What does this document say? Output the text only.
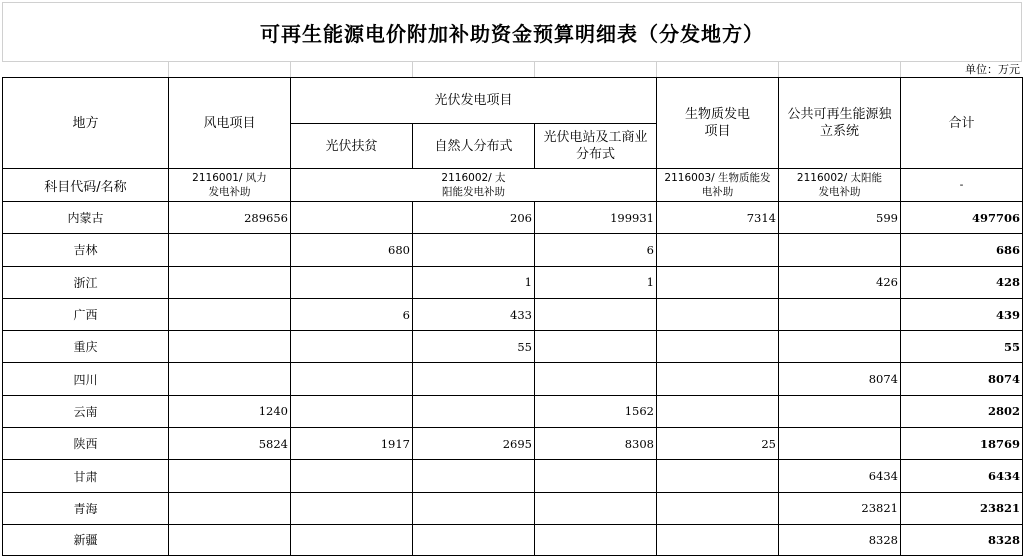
可再生能源电价附加补助资金预算明细表（分发地方）
单位：万元
地方	风电项目	光伏发电项目			生物质发电项目	公共可再生能源独立系统	合计
		光伏扶贫	自然人分布式	光伏电站及工商业分布式			
科目代码/名称	2116001/ 风力发电补助	2116002/ 太阳能发电补助			2116003/ 生物质能发电补助	2116002/ 太阳能发电补助	-
内蒙古	289656		206	199931	7314	599	497706
吉林		680		6			686
浙江			1	1		426	428
广西		6	433				439
重庆			55				55
四川						8074	8074
云南	1240			1562			2802
陕西	5824	1917	2695	8308	25		18769
甘肃						6434	6434
青海						23821	23821
新疆						8328	8328
